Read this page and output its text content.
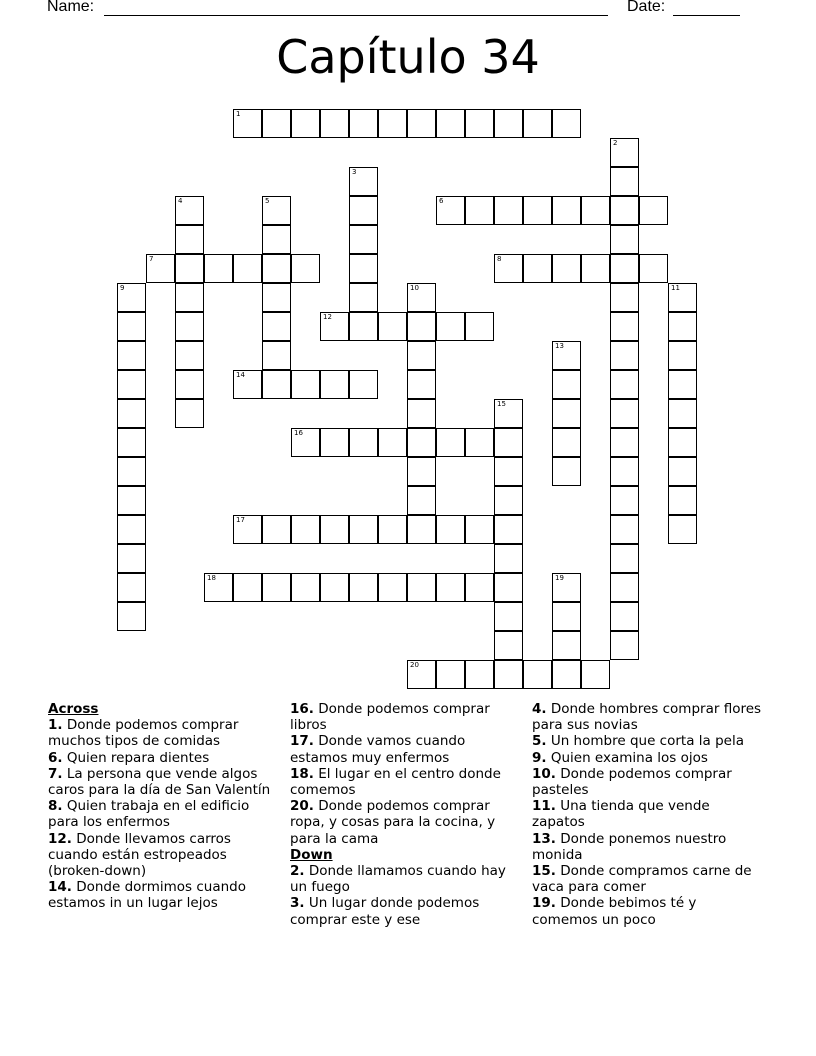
Name:	Date:
Capítulo 34
1
2
3
4	5	6
7	8
9	10	11
12
13
14
15
16
17
18	19
20
Across
1. Donde podemos comprar muchos tipos de comidas
6. Quien repara dientes
7. La persona que vende algos caros para la día de San Valentín
8. Quien trabaja en el edificio para los enfermos
12. Donde llevamos carros cuando están estropeados (broken-down)
14. Donde dormimos cuando estamos in un lugar lejos
16. Donde podemos comprar libros
17. Donde vamos cuando estamos muy enfermos
18. El lugar en el centro donde comemos
20. Donde podemos comprar ropa, y cosas para la cocina, y para la cama
Down
2. Donde llamamos cuando hay un fuego
3. Un lugar donde podemos comprar este y ese
4. Donde hombres comprar flores para sus novias
5. Un hombre que corta la pela
9. Quien examina los ojos
10. Donde podemos comprar pasteles
11. Una tienda que vende zapatos
13. Donde ponemos nuestro monida
15. Donde compramos carne de vaca para comer
19. Donde bebimos té y comemos un poco
